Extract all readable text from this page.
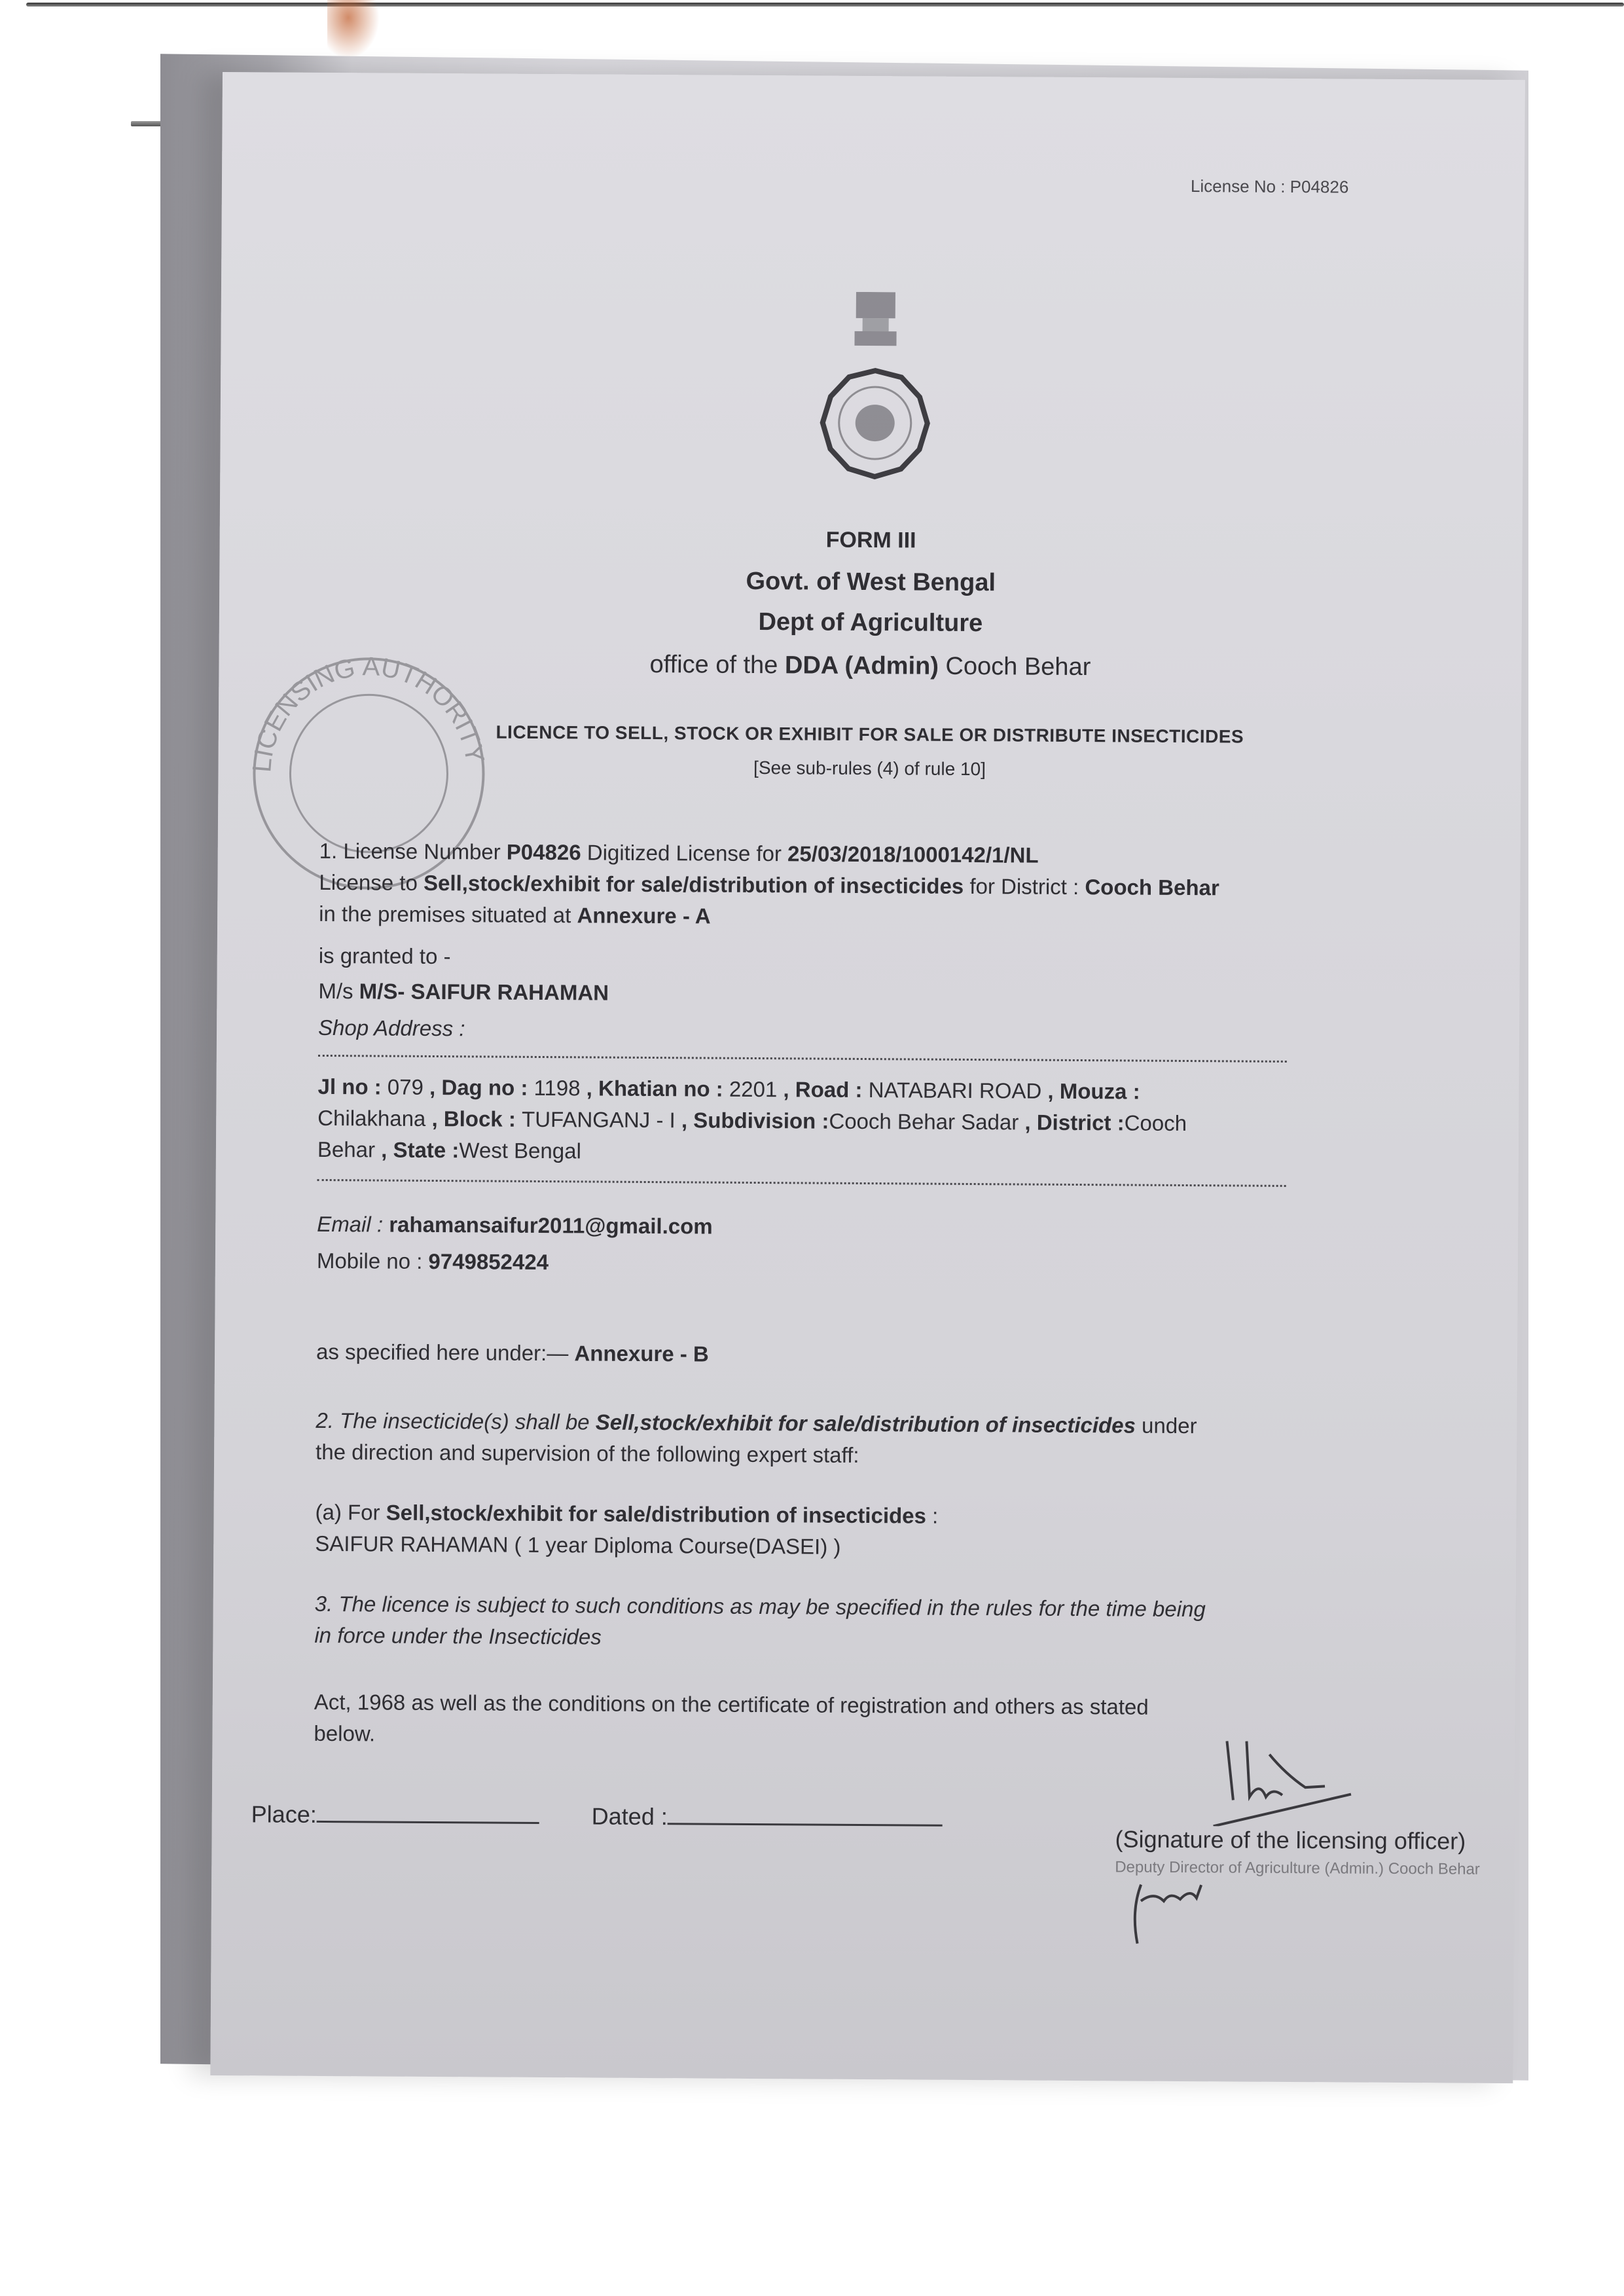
License No : P04826
FORM III
Govt. of West Bengal
Dept of Agriculture
office of the DDA (Admin) Cooch Behar
LICENSING AUTHORITY
LICENCE TO SELL, STOCK OR EXHIBIT FOR SALE OR DISTRIBUTE INSECTICIDES
[See sub-rules (4) of rule 10]
1. License Number P04826 Digitized License for 25/03/2018/1000142/1/NL
License to Sell,stock/exhibit for sale/distribution of insecticides for District : Cooch Behar
in the premises situated at Annexure - A
is granted to -
M/s M/S- SAIFUR RAHAMAN
Shop Address :
Jl no : 079 , Dag no : 1198 , Khatian no : 2201 , Road : NATABARI ROAD , Mouza :
Chilakhana , Block : TUFANGANJ - I , Subdivision :Cooch Behar Sadar , District :Cooch
Behar , State :West Bengal
Email : rahamansaifur2011@gmail.com
Mobile no : 9749852424
as specified here under:— Annexure - B
2. The insecticide(s) shall be Sell,stock/exhibit for sale/distribution of insecticides under
the direction and supervision of the following expert staff:
(a) For Sell,stock/exhibit for sale/distribution of insecticides :
SAIFUR RAHAMAN ( 1 year Diploma Course(DASEI) )
3. The licence is subject to such conditions as may be specified in the rules for the time being
in force under the Insecticides
Act, 1968 as well as the conditions on the certificate of registration and others as stated
below.
Place:	Dated :
(Signature of the licensing officer)
Deputy Director of Agriculture (Admin.) Cooch Behar
